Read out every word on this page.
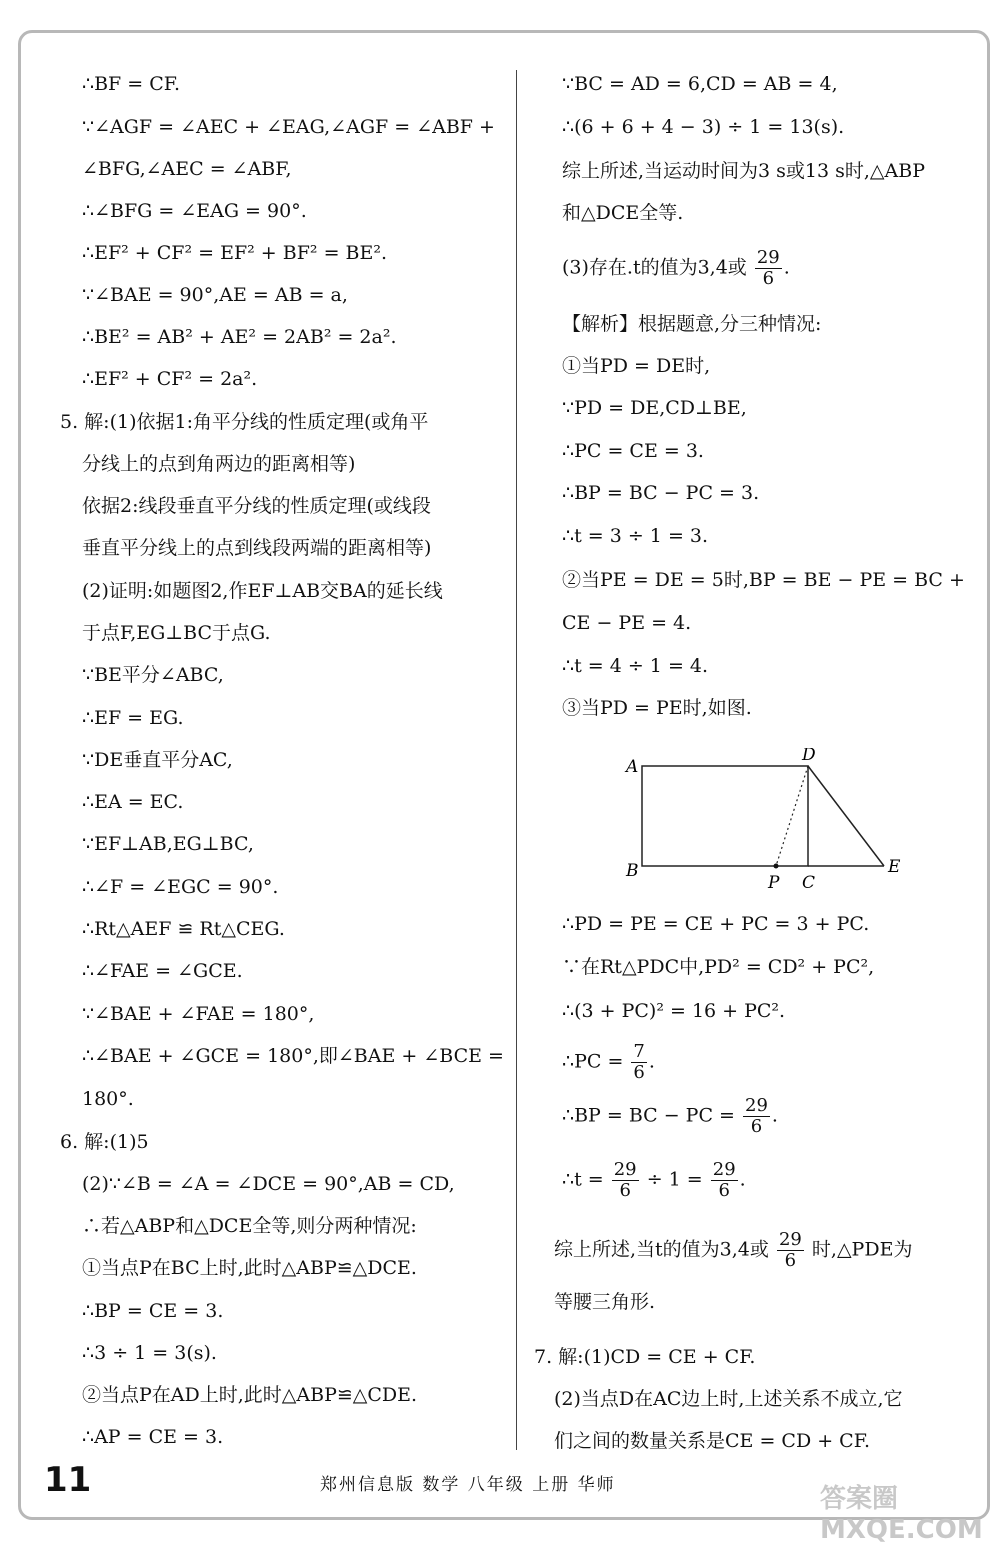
∴BF = CF.
∵∠AGF = ∠AEC + ∠EAG,∠AGF = ∠ABF +
∠BFG,∠AEC = ∠ABF,
∴∠BFG = ∠EAG = 90°.
∴EF² + CF² = EF² + BF² = BE².
∵∠BAE = 90°,AE = AB = a,
∴BE² = AB² + AE² = 2AB² = 2a².
∴EF² + CF² = 2a².
5. 解:(1)依据1:角平分线的性质定理(或角平
分线上的点到角两边的距离相等)
依据2:线段垂直平分线的性质定理(或线段
垂直平分线上的点到线段两端的距离相等)
(2)证明:如题图2,作EF⊥AB交BA的延长线
于点F,EG⊥BC于点G.
∵BE平分∠ABC,
∴EF = EG.
∵DE垂直平分AC,
∴EA = EC.
∵EF⊥AB,EG⊥BC,
∴∠F = ∠EGC = 90°.
∴Rt△AEF ≌ Rt△CEG.
∴∠FAE = ∠GCE.
∵∠BAE + ∠FAE = 180°,
∴∠BAE + ∠GCE = 180°,即∠BAE + ∠BCE =
180°.
6. 解:(1)5
(2)∵∠B = ∠A = ∠DCE = 90°,AB = CD,
∴若△ABP和△DCE全等,则分两种情况:
①当点P在BC上时,此时△ABP≌△DCE.
∴BP = CE = 3.
∴3 ÷ 1 = 3(s).
②当点P在AD上时,此时△ABP≌△CDE.
∴AP = CE = 3.
∵BC = AD = 6,CD = AB = 4,
∴(6 + 6 + 4 − 3) ÷ 1 = 13(s).
综上所述,当运动时间为3 s或13 s时,△ABP
和△DCE全等.
(3)存在.t的值为3,4或 $\frac{29}{6}$ .
【解析】根据题意,分三种情况:
①当PD = DE时,
∵PD = DE,CD⊥BE,
∴PC = CE = 3.
∴BP = BC − PC = 3.
∴t = 3 ÷ 1 = 3.
②当PE = DE = 5时,BP = BE − PE = BC +
CE − PE = 4.
∴t = 4 ÷ 1 = 4.
③当PD = PE时,如图.
∴PD = PE = CE + PC = 3 + PC.
∵在Rt△PDC中,PD² = CD² + PC²,
∴(3 + PC)² = 16 + PC².
∴PC = $\frac{7}{6}$ .
∴BP = BC − PC = $\frac{29}{6}$ .
∴t = $\frac{29}{6} \div 1 = \frac{29}{6}$ .
综上所述,当t的值为3,4或 $\frac{29}{6}$ 时,△PDE为
等腰三角形.
7. 解:(1)CD = CE + CF.
(2)当点D在AC边上时,上述关系不成立,它
们之间的数量关系是CE = CD + CF.
A
B
C
D
E
P
11	郑州信息版 数学 八年级 上册 华师	答案圈 MXQE.COM
